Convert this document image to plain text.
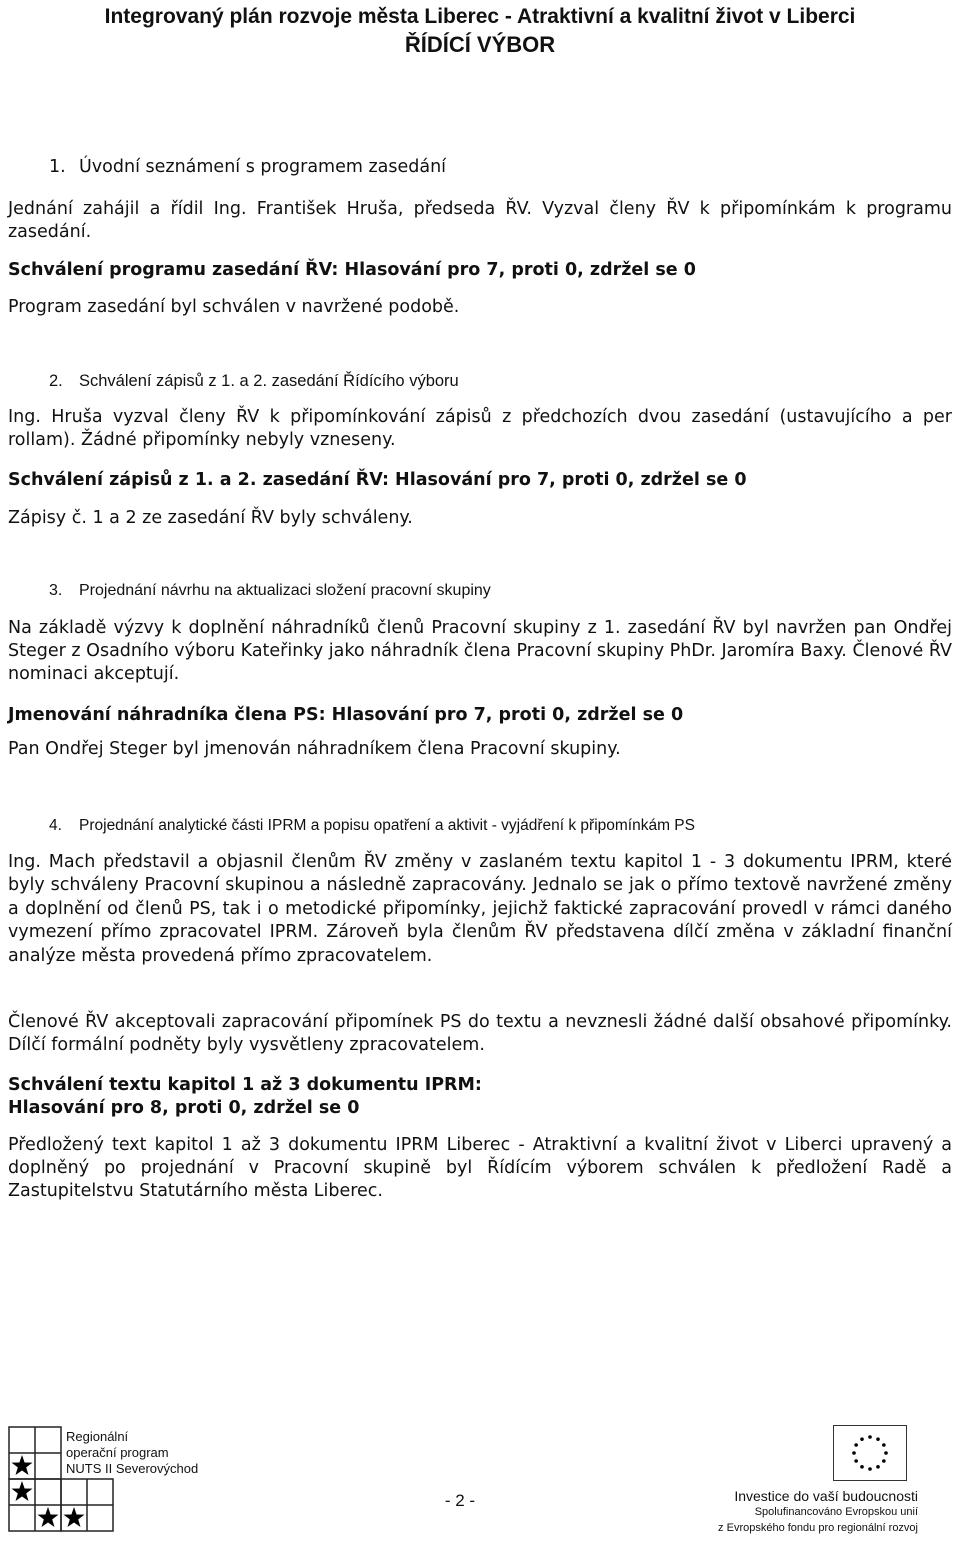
Integrovaný plán rozvoje města Liberec - Atraktivní a kvalitní život v Liberci
ŘÍDÍCÍ VÝBOR
1. Úvodní seznámení s programem zasedání

Jednání zahájil a řídil Ing. František Hruša, předseda ŘV. Vyzval členy ŘV k připomínkám k programu zasedání.

Schválení programu zasedání ŘV: Hlasování pro 7, proti 0, zdržel se 0

Program zasedání byl schválen v navržené podobě.

2. Schválení zápisů z 1. a 2. zasedání Řídícího výboru

Ing. Hruša vyzval členy ŘV k připomínkování zápisů z předchozích dvou zasedání (ustavujícího a per rollam). Žádné připomínky nebyly vzneseny.

Schválení zápisů z 1. a 2. zasedání ŘV: Hlasování pro 7, proti 0, zdržel se 0

Zápisy č. 1 a 2 ze zasedání ŘV byly schváleny.

3. Projednání návrhu na aktualizaci složení pracovní skupiny

Na základě výzvy k doplnění náhradníků členů Pracovní skupiny z 1. zasedání ŘV byl navržen pan Ondřej Steger z Osadního výboru Kateřinky jako náhradník člena Pracovní skupiny PhDr. Jaromíra Baxy. Členové ŘV nominaci akceptují.

Jmenování náhradníka člena PS: Hlasování pro 7, proti 0, zdržel se 0

Pan Ondřej Steger byl jmenován náhradníkem člena Pracovní skupiny.

4. Projednání analytické části IPRM a popisu opatření a aktivit - vyjádření k připomínkám PS

Ing. Mach představil a objasnil členům ŘV změny v zaslaném textu kapitol 1 - 3 dokumentu IPRM, které byly schváleny Pracovní skupinou a následně zapracovány. Jednalo se jak o přímo textově navržené změny a doplnění od členů PS, tak i o metodické připomínky, jejichž faktické zapracování provedl v rámci daného vymezení přímo zpracovatel IPRM. Zároveň byla členům ŘV představena dílčí změna v základní finanční analýze města provedená přímo zpracovatelem.

Členové ŘV akceptovali zapracování připomínek PS do textu a nevznesli žádné další obsahové připomínky. Dílčí formální podněty byly vysvětleny zpracovatelem.

Schválení textu kapitol 1 až 3 dokumentu IPRM:

Hlasování pro 8, proti 0, zdržel se 0

Předložený text kapitol 1 až 3 dokumentu IPRM Liberec - Atraktivní a kvalitní život v Liberci upravený a doplněný po projednání v Pracovní skupině byl Řídícím výborem schválen k předložení Radě a Zastupitelstvu Statutárního města Liberec.

Regionální
operační program
NUTS II Severovýchod
- 2 -	Investice do vaší budoucnosti
Spolufinancováno Evropskou unií
z Evropského fondu pro regionální rozvoj
